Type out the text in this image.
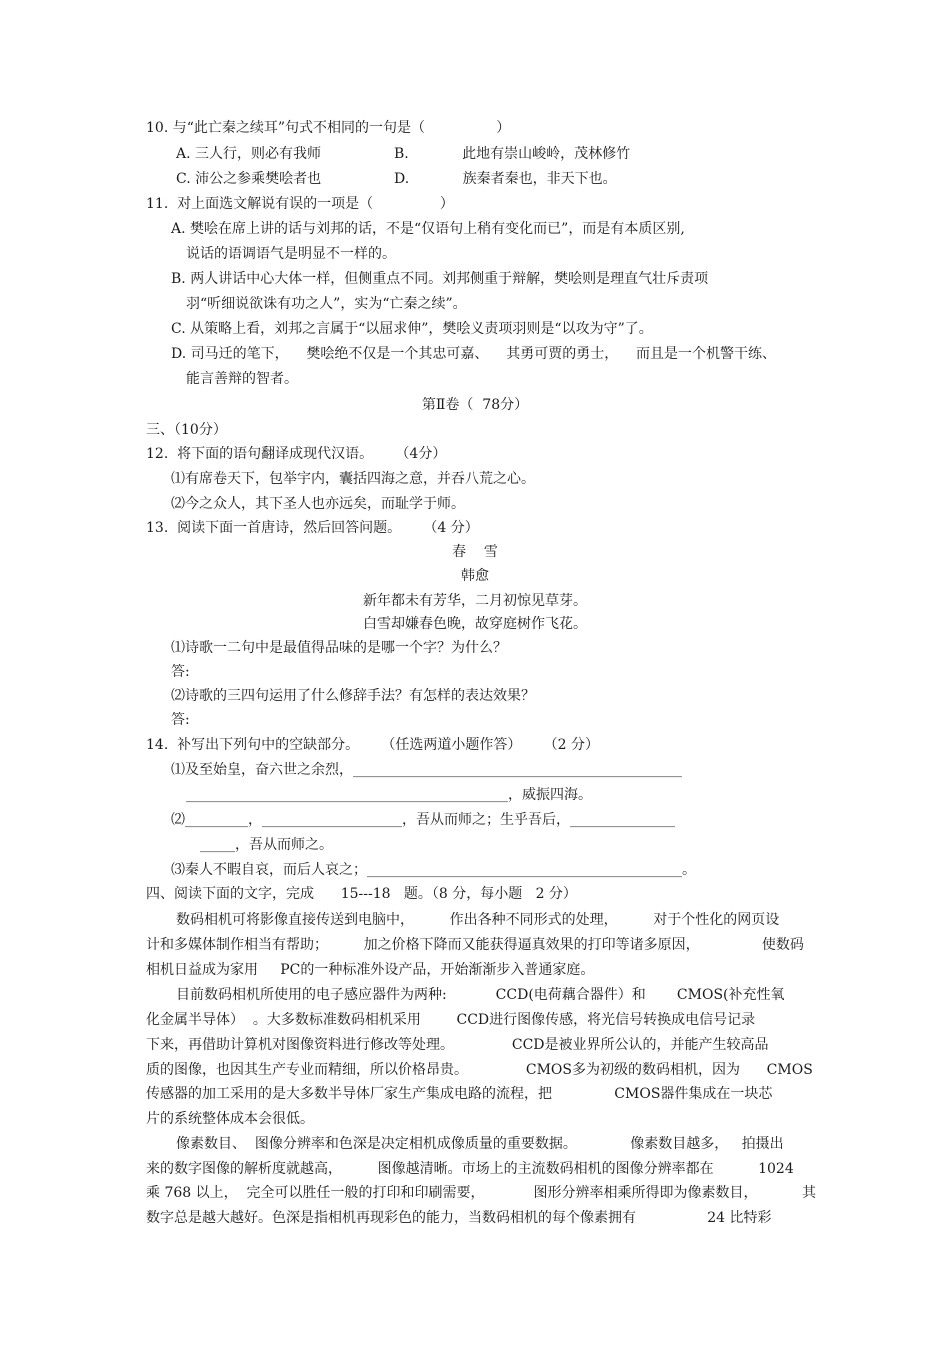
10. 与“此亡秦之续耳”句式不相同的一句是（                ）
A. 三人行，则必有我师	B.            此地有崇山峻岭，茂林修竹
C. 沛公之参乘樊哙者也	D.            族秦者秦也，非天下也。
11.  对上面选文解说有误的一项是（               ）
A. 樊哙在席上讲的话与刘邦的话，不是“仅语句上稍有变化而已”，而是有本质区别,
说话的语调语气是明显不一样的。
B. 两人讲话中心大体一样，但侧重点不同。刘邦侧重于辩解，樊哙则是理直气壮斥责项
羽“听细说欲诛有功之人”，实为“亡秦之续”。
C. 从策略上看，刘邦之言属于“以屈求伸”，樊哙义责项羽则是“以攻为守”了。
D. 司马迁的笔下，    樊哙绝不仅是一个其忠可嘉、    其勇可贾的勇士，    而且是一个机警干练、
能言善辩的智者。
第Ⅱ卷（  78分）
三、（10分）
12.  将下面的语句翻译成现代汉语。     （4分）
⑴有席卷天下，包举宇内，囊括四海之意，并吞八荒之心。
⑵今之众人，其下圣人也亦远矣，而耻学于师。
13.  阅读下面一首唐诗，然后回答问题。     （4 分）
春    雪
韩愈
新年都未有芳华，二月初惊见草芽。
白雪却嫌春色晚，故穿庭树作飞花。
⑴诗歌一二句中是最值得品味的是哪一个字？为什么？
答:
⑵诗歌的三四句运用了什么修辞手法？有怎样的表达效果？
答:
14.  补写出下列句中的空缺部分。     （任选两道小题作答）     （2 分）
⑴及至始皇，奋六世之余烈，_______________________________________________
______________________________________________，威振四海。
⑵_________，____________________，吾从而师之；生乎吾后，_______________
_____，吾从而师之。
⑶秦人不暇自哀，而后人哀之；_____________________________________________。
四、阅读下面的文字，完成      15---18   题。（8 分，每小题   2 分）
数码相机可将影像直接传送到电脑中，        作出各种不同形式的处理，        对于个性化的网页设
计和多媒体制作相当有帮助；        加之价格下降而又能获得逼真效果的打印等诸多原因，              使数码
相机日益成为家用     PC的一种标准外设产品，开始渐渐步入普通家庭。
目前数码相机所使用的电子感应器件为两种:           CCD(电荷藕合器件）和       CMOS(补充性氧
化金属半导体）  。大多数标准数码相机采用        CCD进行图像传感，将光信号转换成电信号记录
下来，再借助计算机对图像资料进行修改等处理。             CCD是被业界所公认的，并能产生较高品
质的图像，也因其生产专业而精细，所以价格昂贵。             CMOS多为初级的数码相机，因为      CMOS
传感器的加工采用的是大多数半导体厂家生产集成电路的流程，把              CMOS器件集成在一块芯
片的系统整体成本会很低。
像素数目、  图像分辨率和色深是决定相机成像质量的重要数据。            像素数目越多，   拍摄出
来的数字图像的解析度就越高，        图像越清晰。市场上的主流数码相机的图像分辨率都在          1024
乘 768 以上，  完全可以胜任一般的打印和印刷需要，           图形分辨率相乘所得即为像素数目，          其
数字总是越大越好。色深是指相机再现彩色的能力，当数码相机的每个像素拥有                24 比特彩
